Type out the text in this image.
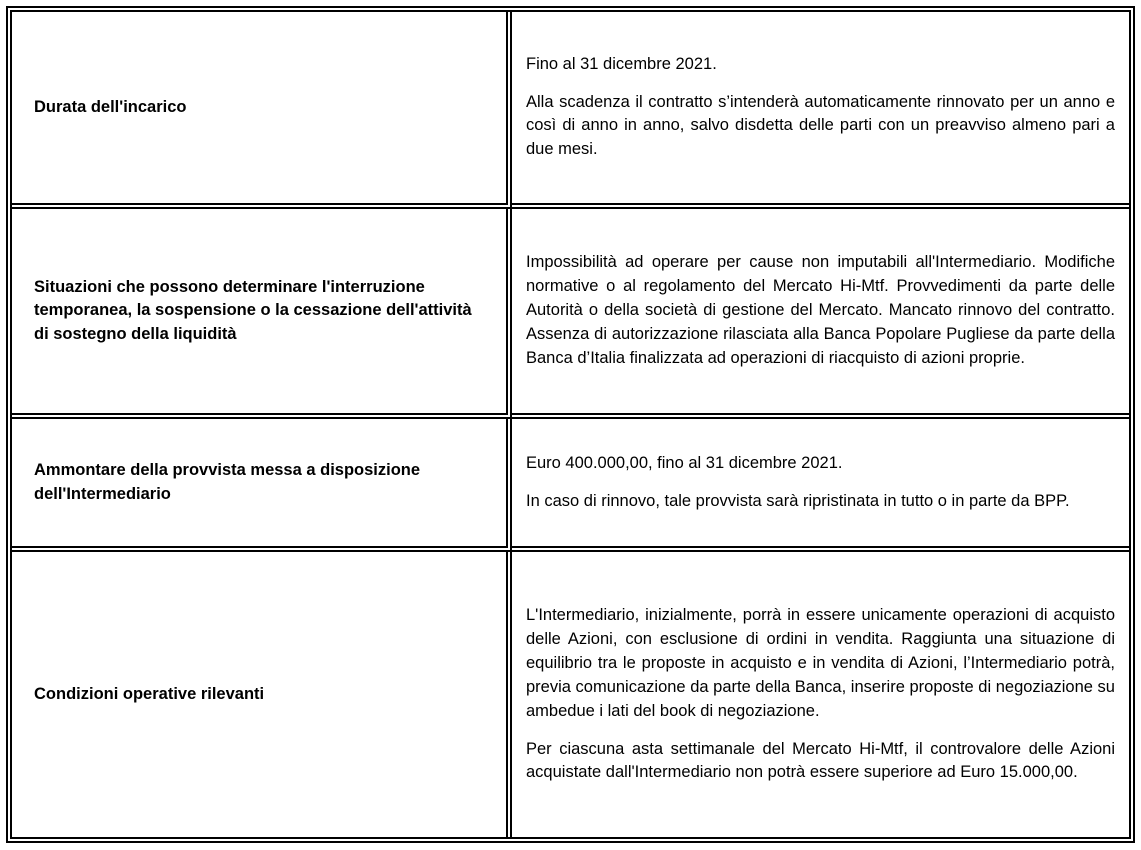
Durata dell'incarico	Fino al 31 dicembre 2021.

Alla scadenza il contratto s’intenderà automaticamente rinnovato per un anno e così di anno in anno, salvo disdetta delle parti con un preavviso almeno pari a due mesi.

Situazioni che possono determinare l'interruzione temporanea, la sospensione o la cessazione dell'attività di sostegno della liquidità	Impossibilità ad operare per cause non imputabili all'Intermediario. Modifiche normative o al regolamento del Mercato Hi-Mtf. Provvedimenti da parte delle Autorità o della società di gestione del Mercato. Mancato rinnovo del contratto. Assenza di autorizzazione rilasciata alla Banca Popolare Pugliese da parte della Banca d’Italia finalizzata ad operazioni di riacquisto di azioni proprie.

Ammontare della provvista messa a disposizione dell'Intermediario	Euro 400.000,00, fino al 31 dicembre 2021.

In caso di rinnovo, tale provvista sarà ripristinata in tutto o in parte da BPP.

Condizioni operative rilevanti	L'Intermediario, inizialmente, porrà in essere unicamente operazioni di acquisto delle Azioni, con esclusione di ordini in vendita. Raggiunta una situazione di equilibrio tra le proposte in acquisto e in vendita di Azioni, l’Intermediario potrà, previa comunicazione da parte della Banca, inserire proposte di negoziazione su ambedue i lati del book di negoziazione.

Per ciascuna asta settimanale del Mercato Hi-Mtf, il controvalore delle Azioni acquistate dall'Intermediario non potrà essere superiore ad Euro 15.000,00.
